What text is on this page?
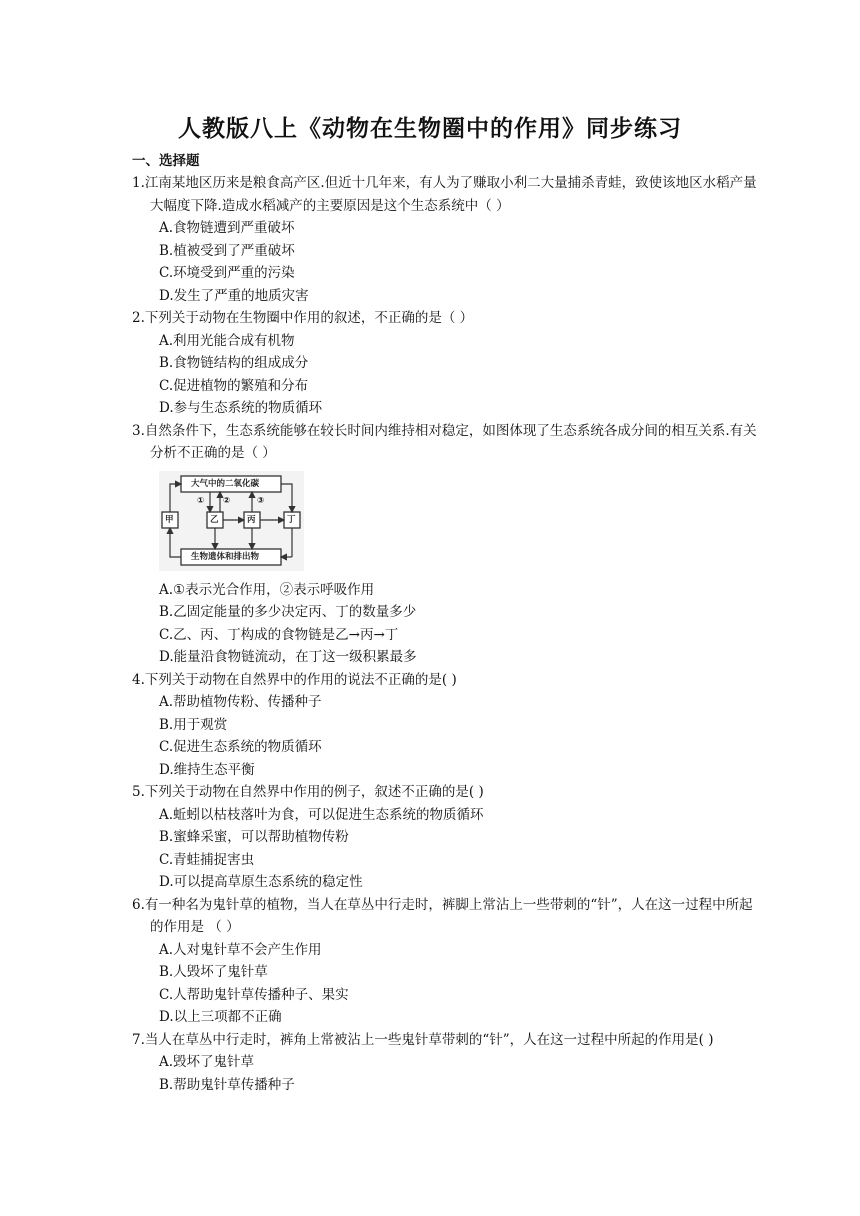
人教版八上《动物在生物圈中的作用》同步练习
一、选择题
1.江南某地区历来是粮食高产区.但近十几年来，有人为了赚取小利二大量捕杀青蛙，致使该地区水稻产量大幅度下降.造成水稻减产的主要原因是这个生态系统中（ ）
A.食物链遭到严重破坏
B.植被受到了严重破坏
C.环境受到严重的污染
D.发生了严重的地质灾害
2.下列关于动物在生物圈中作用的叙述，不正确的是（ ）
A.利用光能合成有机物
B.食物链结构的组成成分
C.促进植物的繁殖和分布
D.参与生态系统的物质循环
3.自然条件下，生态系统能够在较长时间内维持相对稳定，如图体现了生态系统各成分间的相互关系.有关分析不正确的是（ ）
大气中的二氧化碳
生物遗体和排出物
甲	乙	丙	丁
① ②	③
A.①表示光合作用，②表示呼吸作用
B.乙固定能量的多少决定丙、丁的数量多少
C.乙、丙、丁构成的食物链是乙→丙→丁
D.能量沿食物链流动，在丁这一级积累最多
4.下列关于动物在自然界中的作用的说法不正确的是( )
A.帮助植物传粉、传播种子
B.用于观赏
C.促进生态系统的物质循环
D.维持生态平衡
5.下列关于动物在自然界中作用的例子，叙述不正确的是( )
A.蚯蚓以枯枝落叶为食，可以促进生态系统的物质循环
B.蜜蜂采蜜，可以帮助植物传粉
C.青蛙捕捉害虫
D.可以提高草原生态系统的稳定性
6.有一种名为鬼针草的植物，当人在草丛中行走时，裤脚上常沾上一些带刺的“针”，人在这一过程中所起的作用是 （ ）
A.人对鬼针草不会产生作用
B.人毁坏了鬼针草
C.人帮助鬼针草传播种子、果实
D.以上三项都不正确
7.当人在草丛中行走时，裤角上常被沾上一些鬼针草带刺的“针”，人在这一过程中所起的作用是( )
A.毁坏了鬼针草
B.帮助鬼针草传播种子
